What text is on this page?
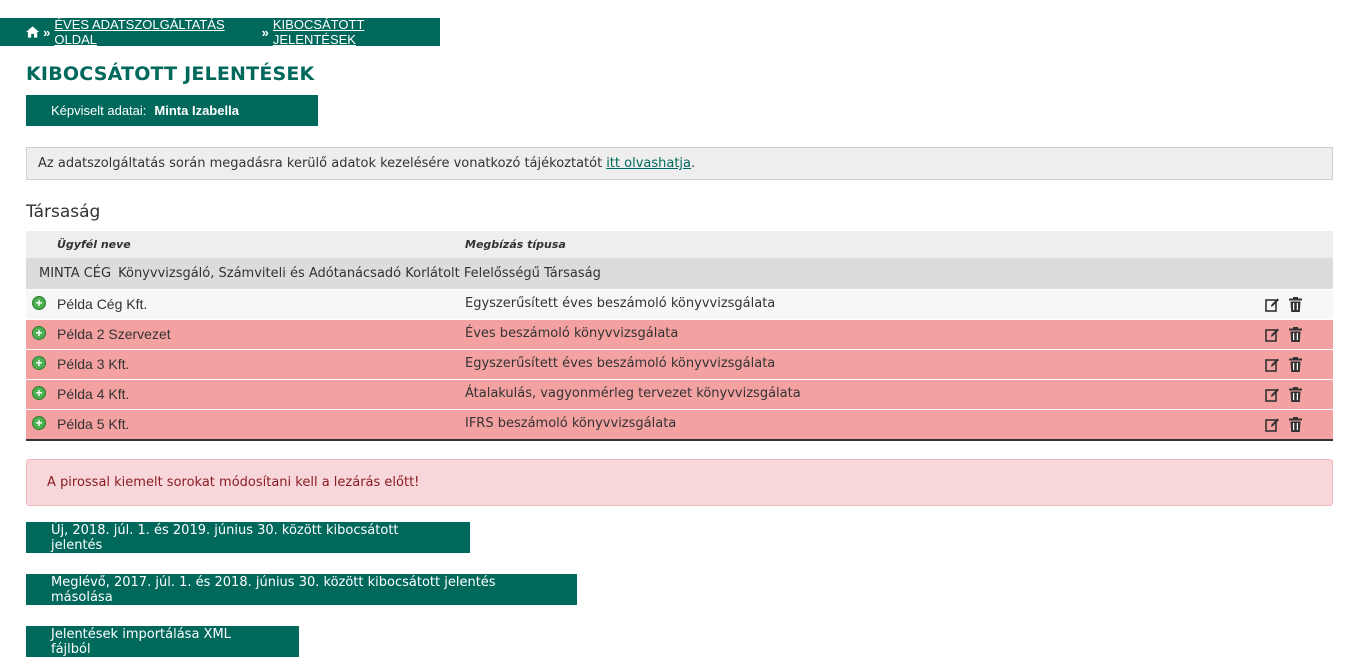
» ÉVES ADATSZOLGÁLTATÁS OLDAL	» KIBOCSÁTOTT JELENTÉSEK
KIBOCSÁTOTT JELENTÉSEK
Képviselt adatai: Minta Izabella
Az adatszolgáltatás során megadásra kerülő adatok kezelésére vonatkozó tájékoztatót itt olvashatja .
Társaság
Ügyfél neve	Megbízás típusa
MINTA CÉG Könyvvizsgáló, Számviteli és Adótanácsadó Korlátolt Felelősségű Társaság
+ Példa Cég Kft.	Egyszerűsített éves beszámoló könyvvizsgálata
+ Példa 2 Szervezet	Éves beszámoló könyvvizsgálata
+ Példa 3 Kft.	Egyszerűsített éves beszámoló könyvvizsgálata
+ Példa 4 Kft.	Átalakulás, vagyonmérleg tervezet könyvvizsgálata
+ Példa 5 Kft.	IFRS beszámoló könyvvizsgálata
A pirossal kiemelt sorokat módosítani kell a lezárás előtt!
Új, 2018. júl. 1. és 2019. június 30. között kibocsátott jelentés
Meglévő, 2017. júl. 1. és 2018. június 30. között kibocsátott jelentés másolása
Jelentések importálása XML fájlból
